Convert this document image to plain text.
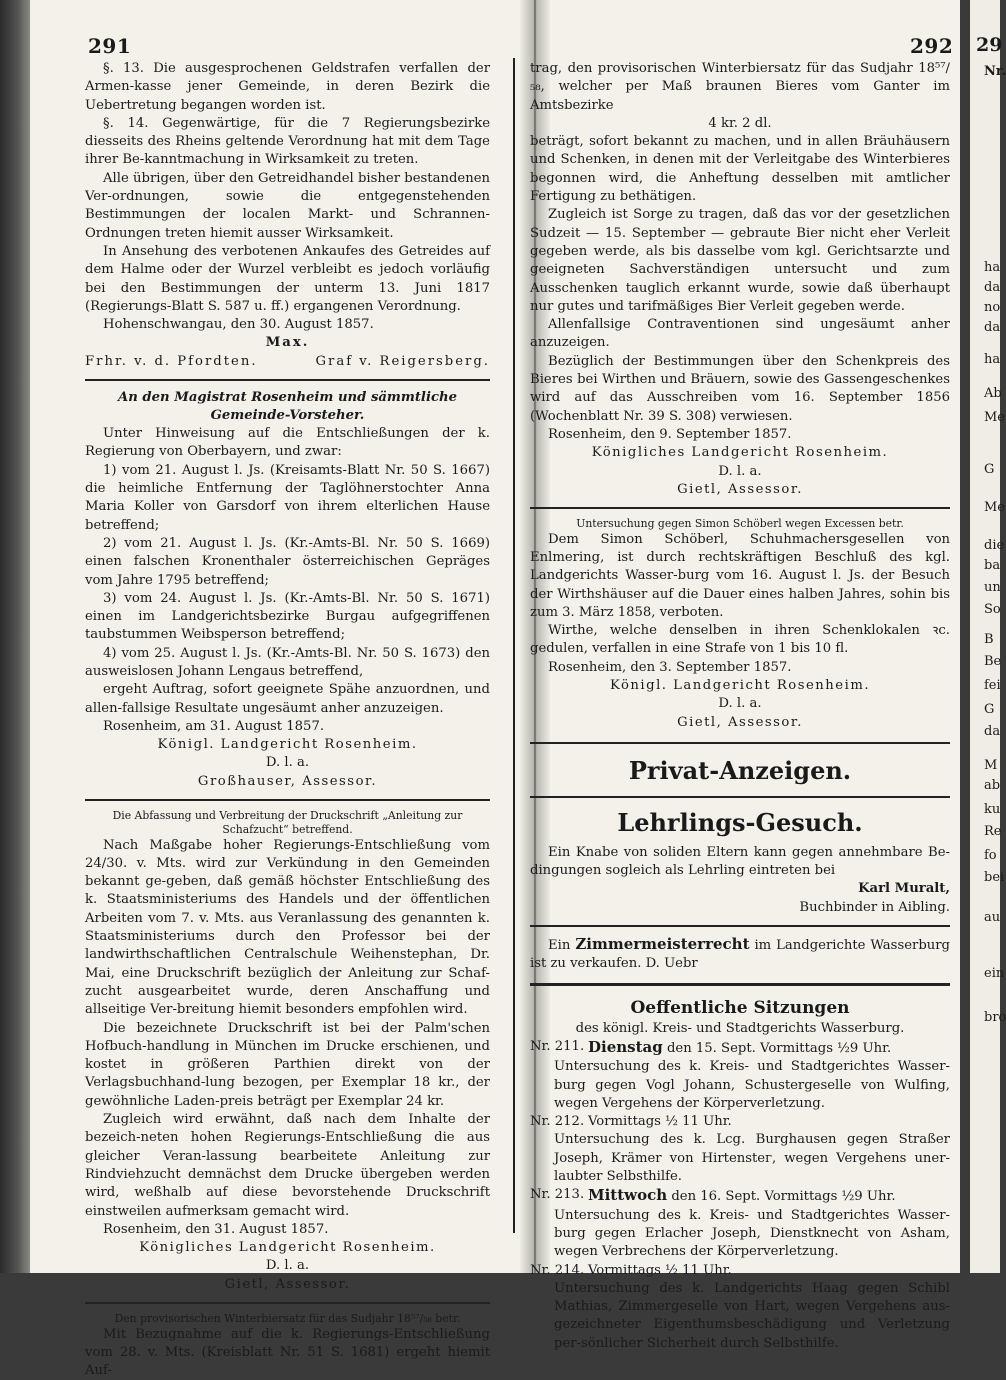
291	292

§. 13. Die ausgesprochenen Geldstrafen verfallen der Armen-kasse jener Gemeinde, in deren Bezirk die Uebertretung begangen worden ist.

§. 14. Gegenwärtige, für die 7 Regierungsbezirke diesseits des Rheins geltende Verordnung hat mit dem Tage ihrer Be-kanntmachung in Wirksamkeit zu treten.

Alle übrigen, über den Getreidhandel bisher bestandenen Ver-ordnungen, sowie die entgegenstehenden Bestimmungen der localen Markt- und Schrannen-Ordnungen treten hiemit ausser Wirksamkeit.

In Ansehung des verbotenen Ankaufes des Getreides auf dem Halme oder der Wurzel verbleibt es jedoch vorläufig bei den Bestimmungen der unterm 13. Juni 1817 (Regierungs-Blatt S. 587 u. ff.) ergangenen Verordnung.

Hohenschwangau, den 30. August 1857.

Max.

Frhr. v. d. Pfordten.	Graf v. Reigersberg.

An den Magistrat Rosenheim und sämmtliche Gemeinde-Vorsteher.

Unter Hinweisung auf die Entschließungen der k. Regierung von Oberbayern, und zwar:

1) vom 21. August l. Js. (Kreisamts-Blatt Nr. 50 S. 1667) die heimliche Entfernung der Taglöhnerstochter Anna Maria Koller von Garsdorf von ihrem elterlichen Hause betreffend;

2) vom 21. August l. Js. (Kr.-Amts-Bl. Nr. 50 S. 1669) einen falschen Kronenthaler österreichischen Gepräges vom Jahre 1795 betreffend;

3) vom 24. August l. Js. (Kr.-Amts-Bl. Nr. 50 S. 1671) einen im Landgerichtsbezirke Burgau aufgegriffenen taubstummen Weibsperson betreffend;

4) vom 25. August l. Js. (Kr.-Amts-Bl. Nr. 50 S. 1673) den ausweislosen Johann Lengaus betreffend,

ergeht Auftrag, sofort geeignete Spähe anzuordnen, und allen-fallsige Resultate ungesäumt anher anzuzeigen.

Rosenheim, am 31. August 1857.

Königl. Landgericht Rosenheim.

D. l. a.

Großhauser, Assessor.

Die Abfassung und Verbreitung der Druckschrift „Anleitung zur Schafzucht“ betreffend.

Nach Maßgabe hoher Regierungs-Entschließung vom 24/30. v. Mts. wird zur Verkündung in den Gemeinden bekannt ge-geben, daß gemäß höchster Entschließung des k. Staatsministeriums des Handels und der öffentlichen Arbeiten vom 7. v. Mts. aus Veranlassung des genannten k. Staatsministeriums durch den Professor bei der landwirthschaftlichen Centralschule Weihenstephan, Dr. Mai, eine Druckschrift bezüglich der Anleitung zur Schaf-zucht ausgearbeitet wurde, deren Anschaffung und allseitige Ver-breitung hiemit besonders empfohlen wird.

Die bezeichnete Druckschrift ist bei der Palm'schen Hofbuch-handlung in München im Drucke erschienen, und kostet in größeren Parthien direkt von der Verlagsbuchhand-lung bezogen, per Exemplar 18 kr., der gewöhnliche Laden-preis beträgt per Exemplar 24 kr.

Zugleich wird erwähnt, daß nach dem Inhalte der bezeich-neten hohen Regierungs-Entschließung die aus gleicher Veran-lassung bearbeitete Anleitung zur Rindviehzucht demnächst dem Drucke übergeben werden wird, weßhalb auf diese bevorstehende Druckschrift einstweilen aufmerksam gemacht wird.

Rosenheim, den 31. August 1857.

Königliches Landgericht Rosenheim.

D. l. a.

Gietl, Assessor.

Den provisorischen Winterbiersatz für das Sudjahr 18⁵⁷/₅₈ betr.

Mit Bezugnahme auf die k. Regierungs-Entschließung vom 28. v. Mts. (Kreisblatt Nr. 51 S. 1681) ergeht hiemit Auf-

trag, den provisorischen Winterbiersatz für das Sudjahr 18⁵⁷/₅₈, welcher per Maß braunen Bieres vom Ganter im Amtsbezirke

4 kr. 2 dl.

beträgt, sofort bekannt zu machen, und in allen Bräuhäusern und Schenken, in denen mit der Verleitgabe des Winterbieres begonnen wird, die Anheftung desselben mit amtlicher Fertigung zu bethätigen.

Zugleich ist Sorge zu tragen, daß das vor der gesetzlichen Sudzeit — 15. September — gebraute Bier nicht eher Verleit gegeben werde, als bis dasselbe vom kgl. Gerichtsarzte und geeigneten Sachverständigen untersucht und zum Ausschenken tauglich erkannt wurde, sowie daß überhaupt nur gutes und tarifmäßiges Bier Verleit gegeben werde.

Allenfallsige Contraventionen sind ungesäumt anher anzuzeigen.

Bezüglich der Bestimmungen über den Schenkpreis des Bieres bei Wirthen und Bräuern, sowie des Gassengeschenkes wird auf das Ausschreiben vom 16. September 1856 (Wochenblatt Nr. 39 S. 308) verwiesen.

Rosenheim, den 9. September 1857.

Königliches Landgericht Rosenheim.

D. l. a.

Gietl, Assessor.

Untersuchung gegen Simon Schöberl wegen Excessen betr.

Dem Simon Schöberl, Schuhmachersgesellen von Enlmering, ist durch rechtskräftigen Beschluß des kgl. Landgerichts Wasser-burg vom 16. August l. Js. der Besuch der Wirthshäuser auf die Dauer eines halben Jahres, sohin bis zum 3. März 1858, verboten.

Wirthe, welche denselben in ihren Schenklokalen ꝛc. gedulen, verfallen in eine Strafe von 1 bis 10 fl.

Rosenheim, den 3. September 1857.

Königl. Landgericht Rosenheim.

D. l. a.

Gietl, Assessor.

Privat-Anzeigen.

Lehrlings-Gesuch.

Ein Knabe von soliden Eltern kann gegen annehmbare Be-dingungen sogleich als Lehrling eintreten bei

Karl Muralt,

Buchbinder in Aibling.

Ein Zimmermeisterrecht im Landgerichte Wasserburg ist zu verkaufen. D. Uebr

Oeffentliche Sitzungen

des königl. Kreis- und Stadtgerichts Wasserburg.

Nr. 211. Dienstag den 15. Sept. Vormittags ½9 Uhr.

Untersuchung des k. Kreis- und Stadtgerichtes Wasser-burg gegen Vogl Johann, Schustergeselle von Wulfing, wegen Vergehens der Körperverletzung.

Nr. 212. Vormittags ½ 11 Uhr.

Untersuchung des k. Lcg. Burghausen gegen Straßer Joseph, Krämer von Hirtenstег, wegen Vergehens uner-laubter Selbsthilfe.

Nr. 213. Mittwoch den 16. Sept. Vormittags ½9 Uhr.

Untersuchung des k. Kreis- und Stadtgerichtes Wasser-burg gegen Erlacher Joseph, Dienstknecht von Asham, wegen Verbrechens der Körperverletzung.

Nr. 214. Vormittags ½ 11 Uhr.

Untersuchung des k. Landgerichts Haag gegen Schibl Mathias, Zimmergeselle von Hart, wegen Vergehens aus-gezeichneter Eigenthumsbeschädigung und Verletzung per-sönlicher Sicherheit durch Selbsthilfe.

29
Nr.
ha
da
no
da
ha
Ab
Me
G
Me
die
ba
un
So
B
Be
fei
G
da
M
ab
ku
Re
fo
bei
au
ein
bro
